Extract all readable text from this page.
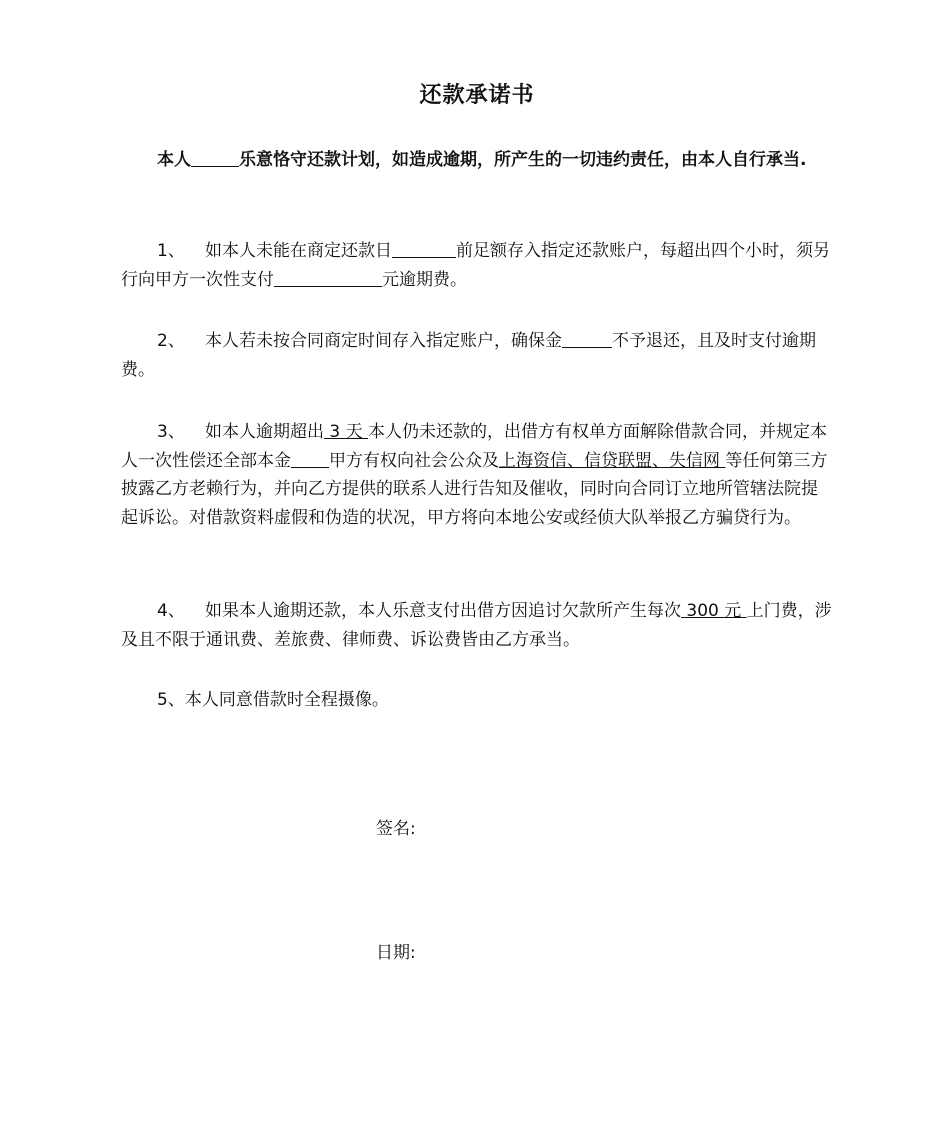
还款承诺书

本人	乐意恪守还款计划，如造成逾期，所产生的一切违约责任，由本人自行承当.

1、 如本人未能在商定还款日	前足额存入指定还款账户，每超出四个小时，须另行向甲方一次性支付	元逾期费。

2、 本人若未按合同商定时间存入指定账户，确保金	不予退还，且及时支付逾期费。

3、 如本人逾期超出 3 天 本人仍未还款的，出借方有权单方面解除借款合同，并规定本人一次性偿还全部本金 甲方有权向社会公众及上海资信、信贷联盟、失信网 等任何第三方披露乙方老赖行为，并向乙方提供的联系人进行告知及催收，同时向合同订立地所管辖法院提起诉讼。对借款资料虚假和伪造的状况，甲方将向本地公安或经侦大队举报乙方骗贷行为。

4、 如果本人逾期还款，本人乐意支付出借方因追讨欠款所产生每次 300 元 上门费，涉及且不限于通讯费、差旅费、律师费、诉讼费皆由乙方承当。

5、本人同意借款时全程摄像。

签名:
日期:
